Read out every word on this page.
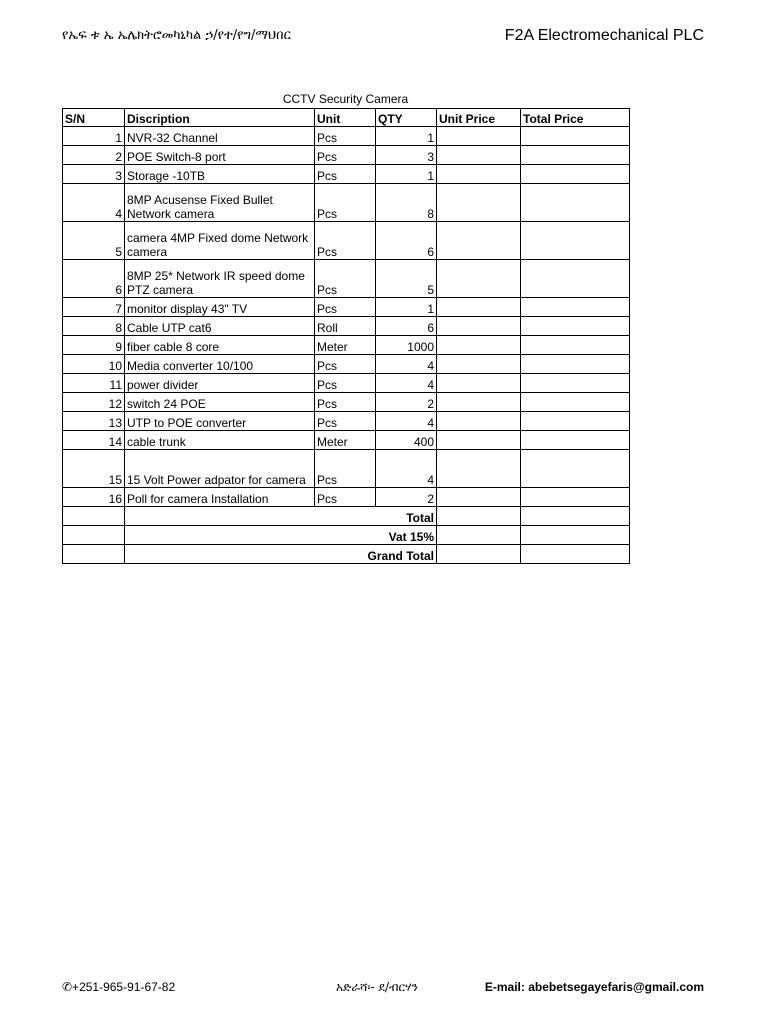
የኤፍ ቱ ኤ ኤሌክትሮመካኒካል ኃ/የተ/የግ/ማህበር	F2A Electromechanical PLC
CCTV Security Camera
S/N	Discription	Unit	QTY	Unit Price	Total Price
1	NVR-32 Channel	Pcs	1		
2	POE Switch-8 port	Pcs	3		
3	Storage -10TB	Pcs	1		
4	8MP Acusense Fixed Bullet Network camera	Pcs	8		
5	camera 4MP Fixed dome Network camera	Pcs	6		
6	8MP 25* Network IR speed dome PTZ camera	Pcs	5		
7	monitor display 43" TV	Pcs	1		
8	Cable UTP cat6	Roll	6		
9	fiber cable 8 core	Meter	1000		
10	Media converter 10/100	Pcs	4		
11	power divider	Pcs	4		
12	switch 24 POE	Pcs	2		
13	UTP to POE converter	Pcs	4		
14	cable trunk	Meter	400		
15	15 Volt Power adpator for camera	Pcs	4		
16	Poll for camera Installation	Pcs	2		
	Total				
	Vat 15%				
	Grand Total				
✆+251-965-91-67-82	አድራሻ፡- ደ/ብርሃን	E-mail: abebetsegayefaris@gmail.com
